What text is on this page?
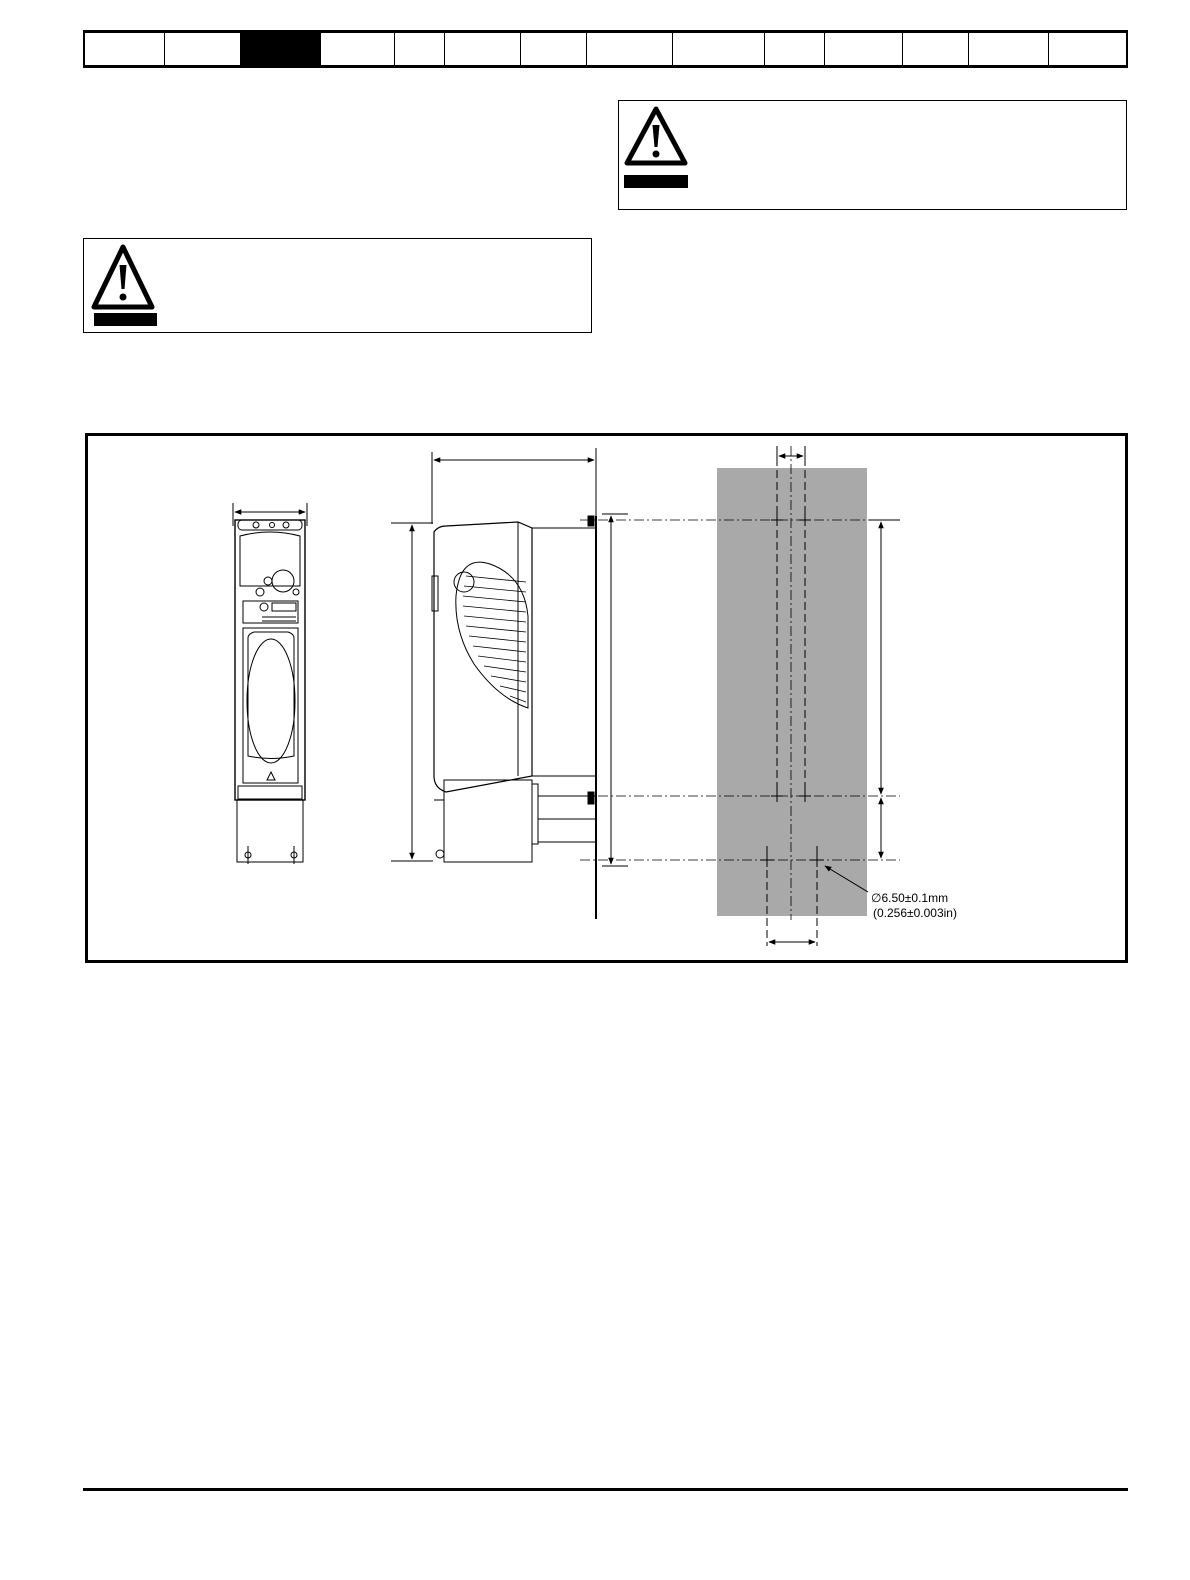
∅6.50±0.1mm
(0.256±0.003in)
